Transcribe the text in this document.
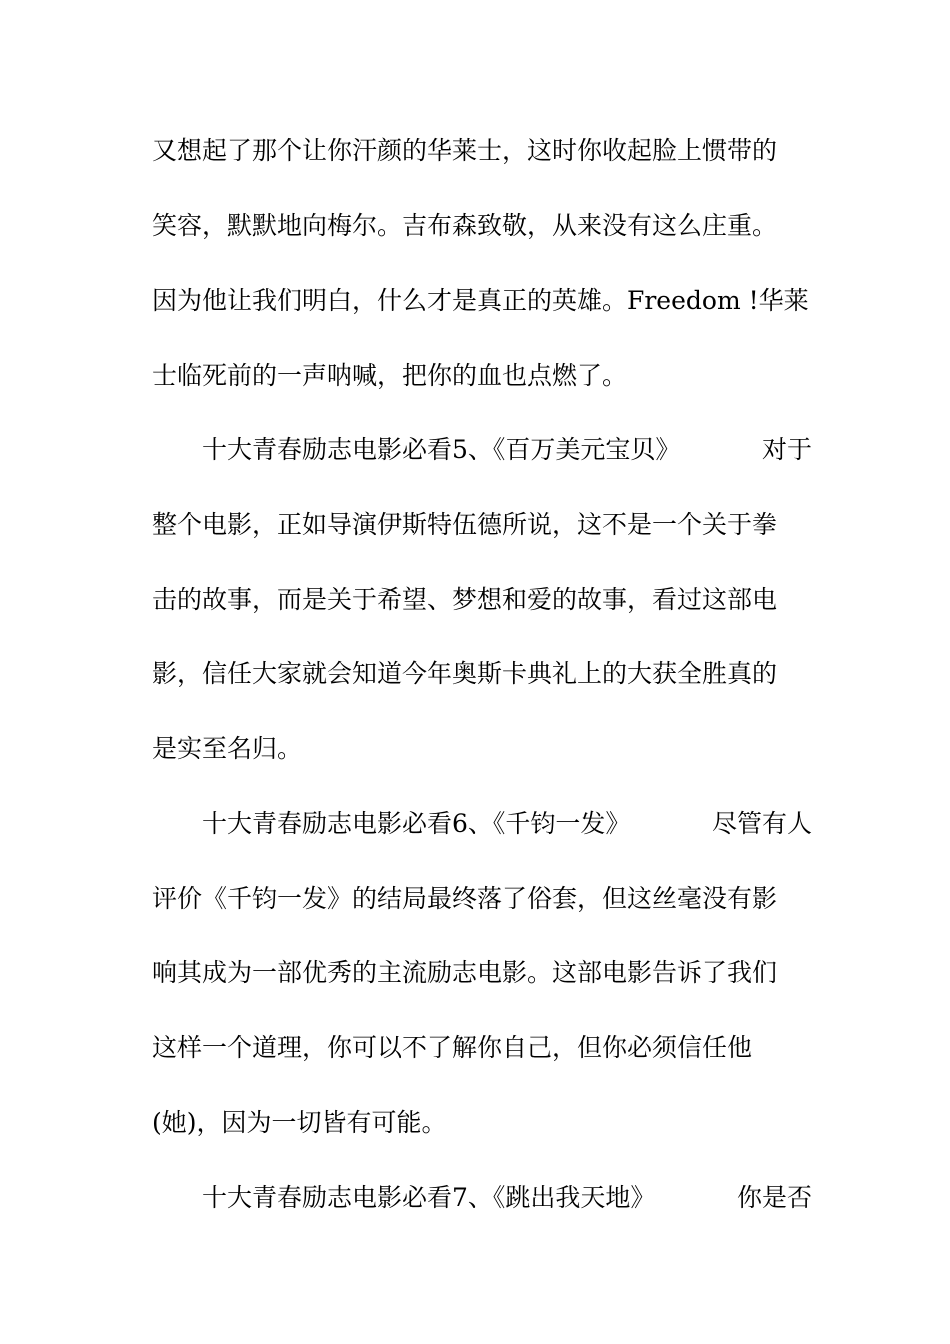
又想起了那个让你汗颜的华莱士，这时你收起脸上惯带的
笑容，默默地向梅尔。吉布森致敬，从来没有这么庄重。
因为他让我们明白，什么才是真正的英雄。Freedom !华莱
士临死前的一声呐喊，把你的血也点燃了。
十大青春励志电影必看5、《百万美元宝贝》	对于
整个电影，正如导演伊斯特伍德所说，这不是一个关于拳
击的故事，而是关于希望、梦想和爱的故事，看过这部电
影，信任大家就会知道今年奥斯卡典礼上的大获全胜真的
是实至名归。
十大青春励志电影必看6、《千钧一发》	尽管有人
评价《千钧一发》的结局最终落了俗套，但这丝毫没有影
响其成为一部优秀的主流励志电影。这部电影告诉了我们
这样一个道理，你可以不了解你自己，但你必须信任他
(她)，因为一切皆有可能。
十大青春励志电影必看7、《跳出我天地》	你是否
